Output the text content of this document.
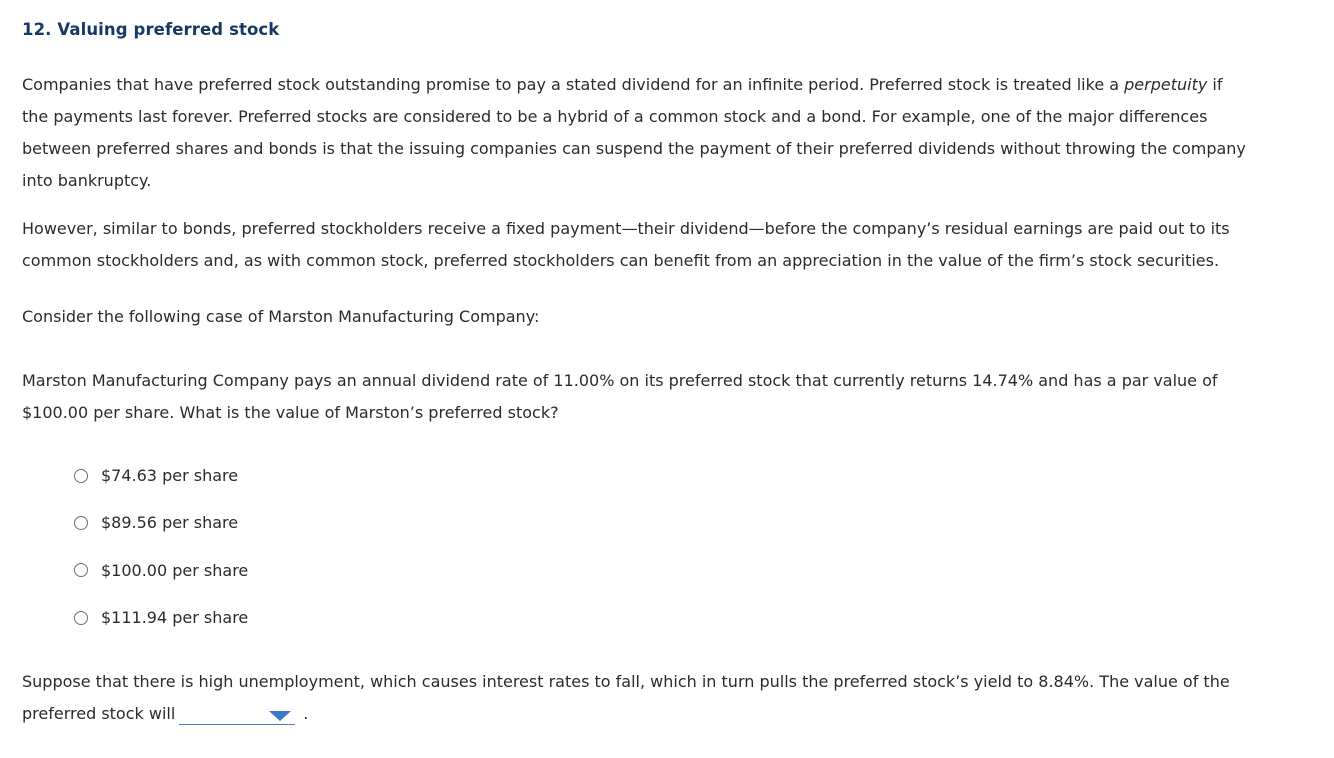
12. Valuing preferred stock

Companies that have preferred stock outstanding promise to pay a stated dividend for an infinite period. Preferred stock is treated like a perpetuity if the payments last forever. Preferred stocks are considered to be a hybrid of a common stock and a bond. For example, one of the major differences between preferred shares and bonds is that the issuing companies can suspend the payment of their preferred dividends without throwing the company into bankruptcy.

However, similar to bonds, preferred stockholders receive a fixed payment—their dividend—before the company’s residual earnings are paid out to its common stockholders and, as with common stock, preferred stockholders can benefit from an appreciation in the value of the firm’s stock securities.

Consider the following case of Marston Manufacturing Company:

Marston Manufacturing Company pays an annual dividend rate of 11.00% on its preferred stock that currently returns 14.74% and has a par value of $100.00 per share. What is the value of Marston’s preferred stock?

$74.63 per share
$89.56 per share
$100.00 per share
$111.94 per share

Suppose that there is high unemployment, which causes interest rates to fall, which in turn pulls the preferred stock’s yield to 8.84%. The value of the preferred stock will	.
